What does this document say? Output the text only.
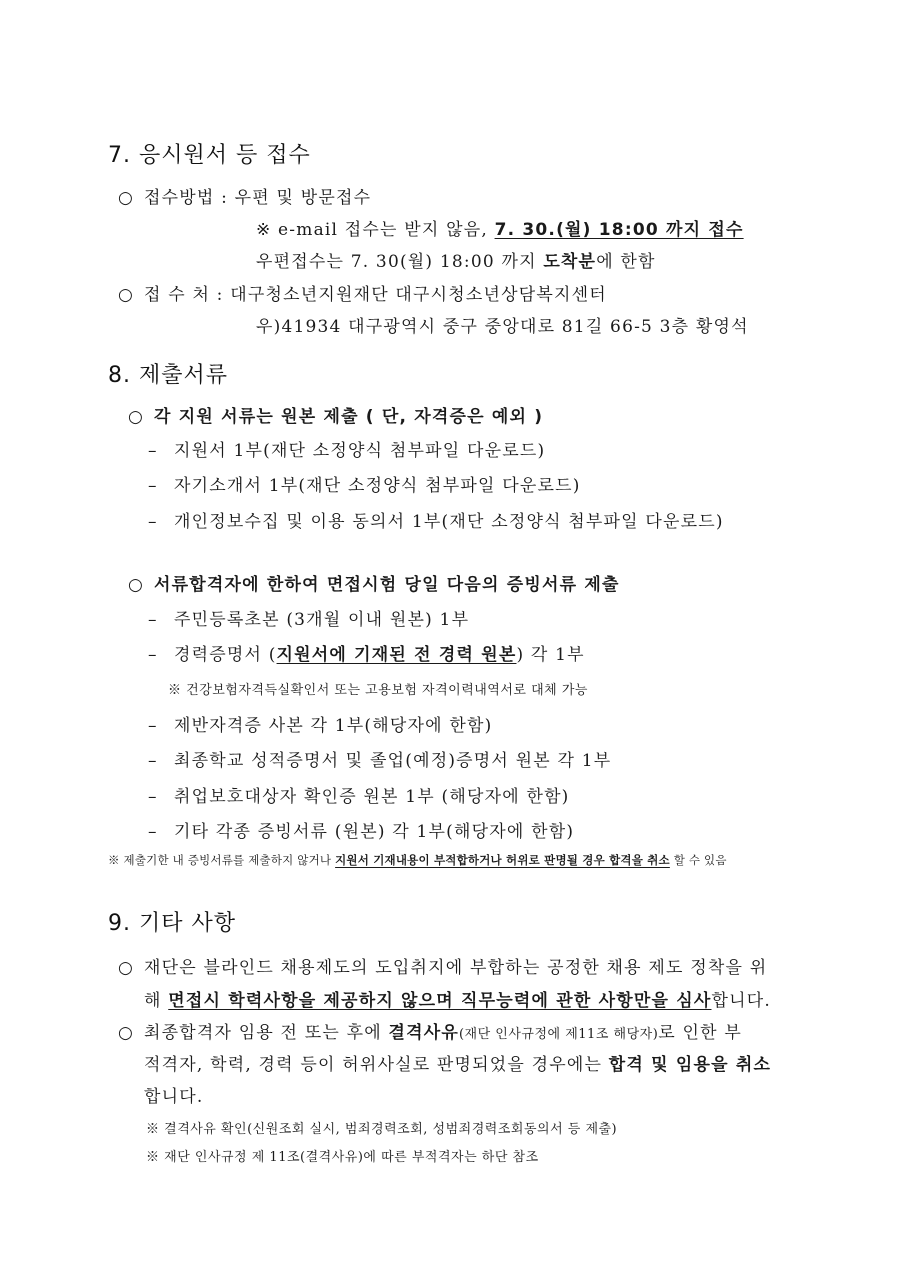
7. 응시원서 등 접수
○ 접수방법 : 우편 및 방문접수
※ e-mail 접수는 받지 않음, 7. 30.(월) 18:00 까지 접수
우편접수는 7. 30(월) 18:00 까지 도착분에 한함
○ 접 수 처 : 대구청소년지원재단 대구시청소년상담복지센터
우)41934 대구광역시 중구 중앙대로 81길 66-5 3층 황영석
8. 제출서류
○ 각 지원 서류는 원본 제출 ( 단, 자격증은 예외 )
– 지원서 1부(재단 소정양식 첨부파일 다운로드)
– 자기소개서 1부(재단 소정양식 첨부파일 다운로드)
– 개인정보수집 및 이용 동의서 1부(재단 소정양식 첨부파일 다운로드)
○ 서류합격자에 한하여 면접시험 당일 다음의 증빙서류 제출
– 주민등록초본 (3개월 이내 원본) 1부
– 경력증명서 (지원서에 기재된 전 경력 원본) 각 1부
※ 건강보험자격득실확인서 또는 고용보험 자격이력내역서로 대체 가능
– 제반자격증 사본 각 1부(해당자에 한함)
– 최종학교 성적증명서 및 졸업(예정)증명서 원본 각 1부
– 취업보호대상자 확인증 원본 1부 (해당자에 한함)
– 기타 각종 증빙서류 (원본) 각 1부(해당자에 한함)
※ 제출기한 내 증빙서류를 제출하지 않거나 지원서 기재내용이 부적합하거나 허위로 판명될 경우 합격을 취소 할 수 있음
9. 기타 사항
○ 재단은 블라인드 채용제도의 도입취지에 부합하는 공정한 채용 제도 정착을 위
해 면접시 학력사항을 제공하지 않으며 직무능력에 관한 사항만을 심사합니다.
○ 최종합격자 임용 전 또는 후에 결격사유(재단 인사규정에 제11조 해당자)로 인한 부
적격자, 학력, 경력 등이 허위사실로 판명되었을 경우에는 합격 및 임용을 취소
합니다.
※ 결격사유 확인(신원조회 실시, 범죄경력조회, 성범죄경력조회동의서 등 제출)
※ 재단 인사규정 제 11조(결격사유)에 따른 부적격자는 하단 참조
